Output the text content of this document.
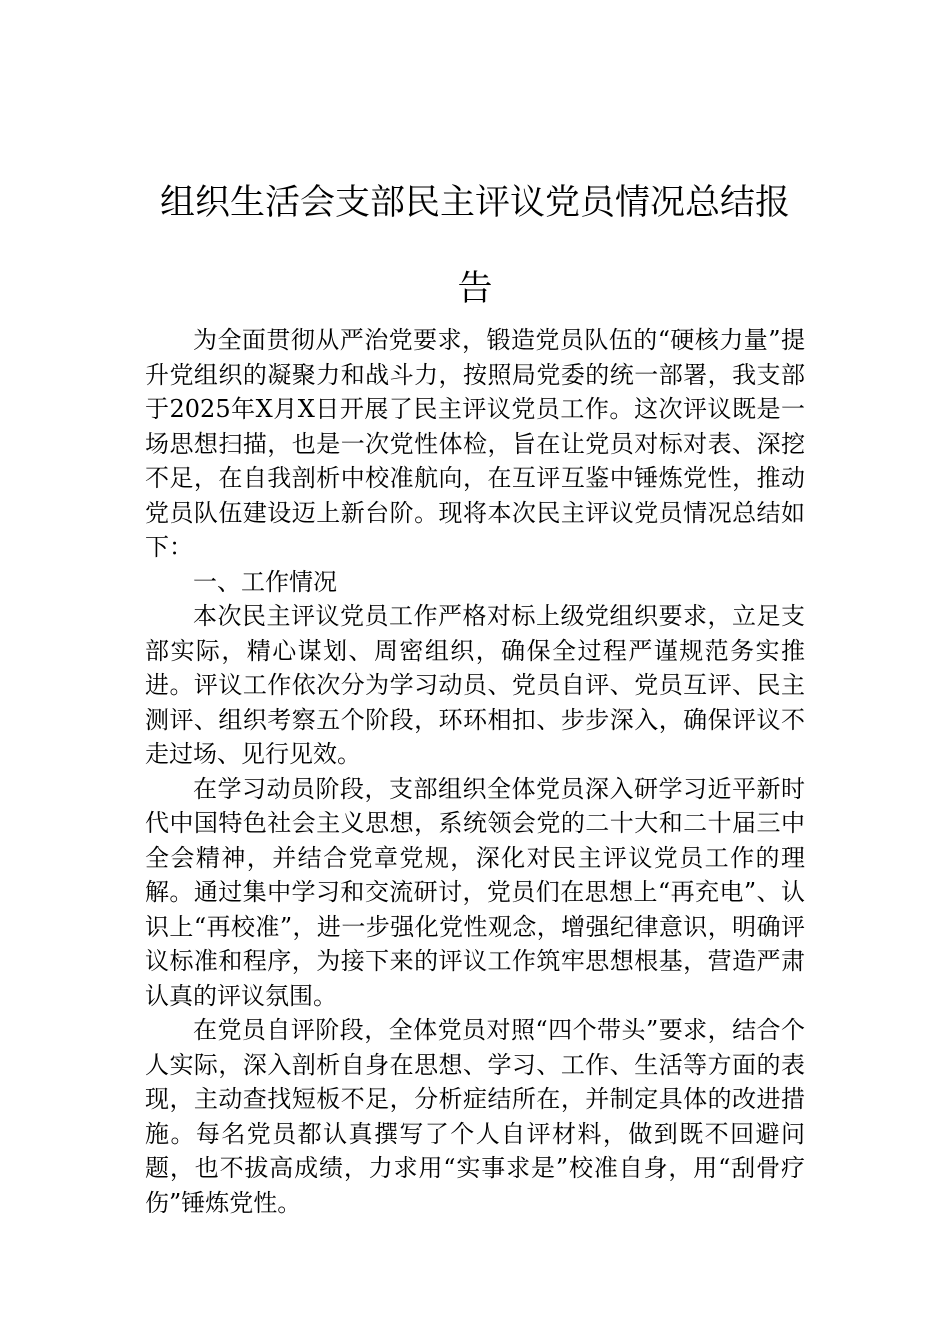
组织生活会支部民主评议党员情况总结报告

为全面贯彻从严治党要求，锻造党员队伍的“硬核力量”提升党组织的凝聚力和战斗力，按照局党委的统一部署，我支部于2025年X月X日开展了民主评议党员工作。这次评议既是一场思想扫描，也是一次党性体检，旨在让党员对标对表、深挖不足，在自我剖析中校准航向，在互评互鉴中锤炼党性，推动党员队伍建设迈上新台阶。现将本次民主评议党员情况总结如下：

一、工作情况

本次民主评议党员工作严格对标上级党组织要求，立足支部实际，精心谋划、周密组织，确保全过程严谨规范务实推进。评议工作依次分为学习动员、党员自评、党员互评、民主测评、组织考察五个阶段，环环相扣、步步深入，确保评议不走过场、见行见效。

在学习动员阶段，支部组织全体党员深入研学习近平新时代中国特色社会主义思想，系统领会党的二十大和二十届三中全会精神，并结合党章党规，深化对民主评议党员工作的理解。通过集中学习和交流研讨，党员们在思想上“再充电”、认识上“再校准”，进一步强化党性观念，增强纪律意识，明确评议标准和程序，为接下来的评议工作筑牢思想根基，营造严肃认真的评议氛围。

在党员自评阶段，全体党员对照“四个带头”要求，结合个人实际，深入剖析自身在思想、学习、工作、生活等方面的表现，主动查找短板不足，分析症结所在，并制定具体的改进措施。每名党员都认真撰写了个人自评材料，做到既不回避问题，也不拔高成绩，力求用“实事求是”校准自身，用“刮骨疗伤”锤炼党性。
